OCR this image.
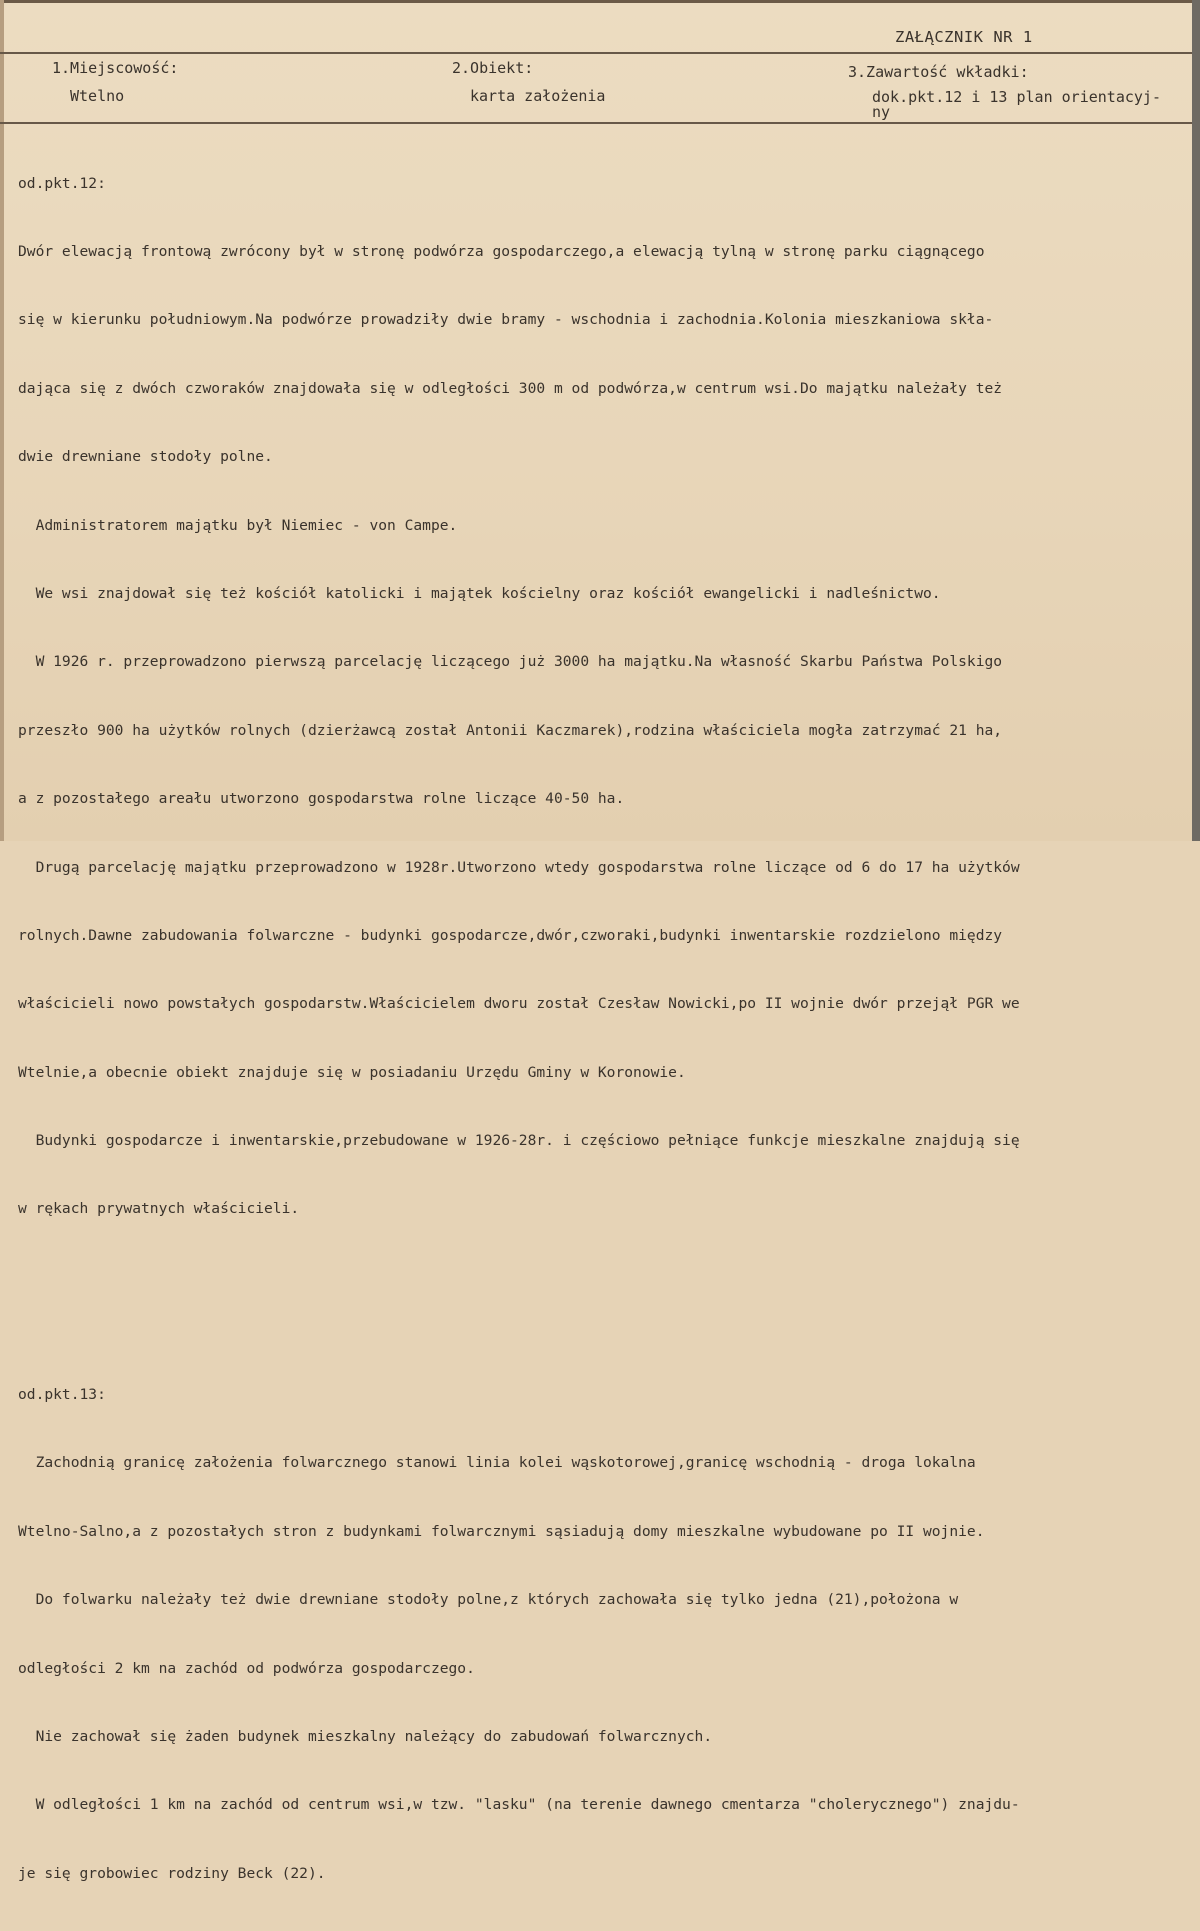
ZAŁĄCZNIK NR 1
1.Miejscowość:
Wtelno
2.Obiekt:
karta założenia
3.Zawartość wkładki:
dok.pkt.12 i 13 plan orientacyj-
ny

od.pkt.12:

Dwór elewacją frontową zwrócony był w stronę podwórza gospodarczego,a elewacją tylną w stronę parku ciągnącego

się w kierunku południowym.Na podwórze prowadziły dwie bramy - wschodnia i zachodnia.Kolonia mieszkaniowa skła-

dająca się z dwóch czworaków znajdowała się w odległości 300 m od podwórza,w centrum wsi.Do majątku należały też

dwie drewniane stodoły polne.

Administratorem majątku był Niemiec - von Campe.

We wsi znajdował się też kościół katolicki i majątek kościelny oraz kościół ewangelicki i nadleśnictwo.

W 1926 r. przeprowadzono pierwszą parcelację liczącego już 3000 ha majątku.Na własność Skarbu Państwa Polskigo

przeszło 900 ha użytków rolnych (dzierżawcą został Antonii Kaczmarek),rodzina właściciela mogła zatrzymać 21 ha,

a z pozostałego areału utworzono gospodarstwa rolne liczące 40-50 ha.

Drugą parcelację majątku przeprowadzono w 1928r.Utworzono wtedy gospodarstwa rolne liczące od 6 do 17 ha użytków

rolnych.Dawne zabudowania folwarczne - budynki gospodarcze,dwór,czworaki,budynki inwentarskie rozdzielono między

właścicieli nowo powstałych gospodarstw.Właścicielem dworu został Czesław Nowicki,po II wojnie dwór przejął PGR we

Wtelnie,a obecnie obiekt znajduje się w posiadaniu Urzędu Gminy w Koronowie.

Budynki gospodarcze i inwentarskie,przebudowane w 1926-28r. i częściowo pełniące funkcje mieszkalne znajdują się

w rękach prywatnych właścicieli.

od.pkt.13:

Zachodnią granicę założenia folwarcznego stanowi linia kolei wąskotorowej,granicę wschodnią - droga lokalna

Wtelno-Salno,a z pozostałych stron z budynkami folwarcznymi sąsiadują domy mieszkalne wybudowane po II wojnie.

Do folwarku należały też dwie drewniane stodoły polne,z których zachowała się tylko jedna (21),położona w

odległości 2 km na zachód od podwórza gospodarczego.

Nie zachował się żaden budynek mieszkalny należący do zabudowań folwarcznych.

W odległości 1 km na zachód od centrum wsi,w tzw. "lasku" (na terenie dawnego cmentarza "cholerycznego") znajdu-

je się grobowiec rodziny Beck (22).
